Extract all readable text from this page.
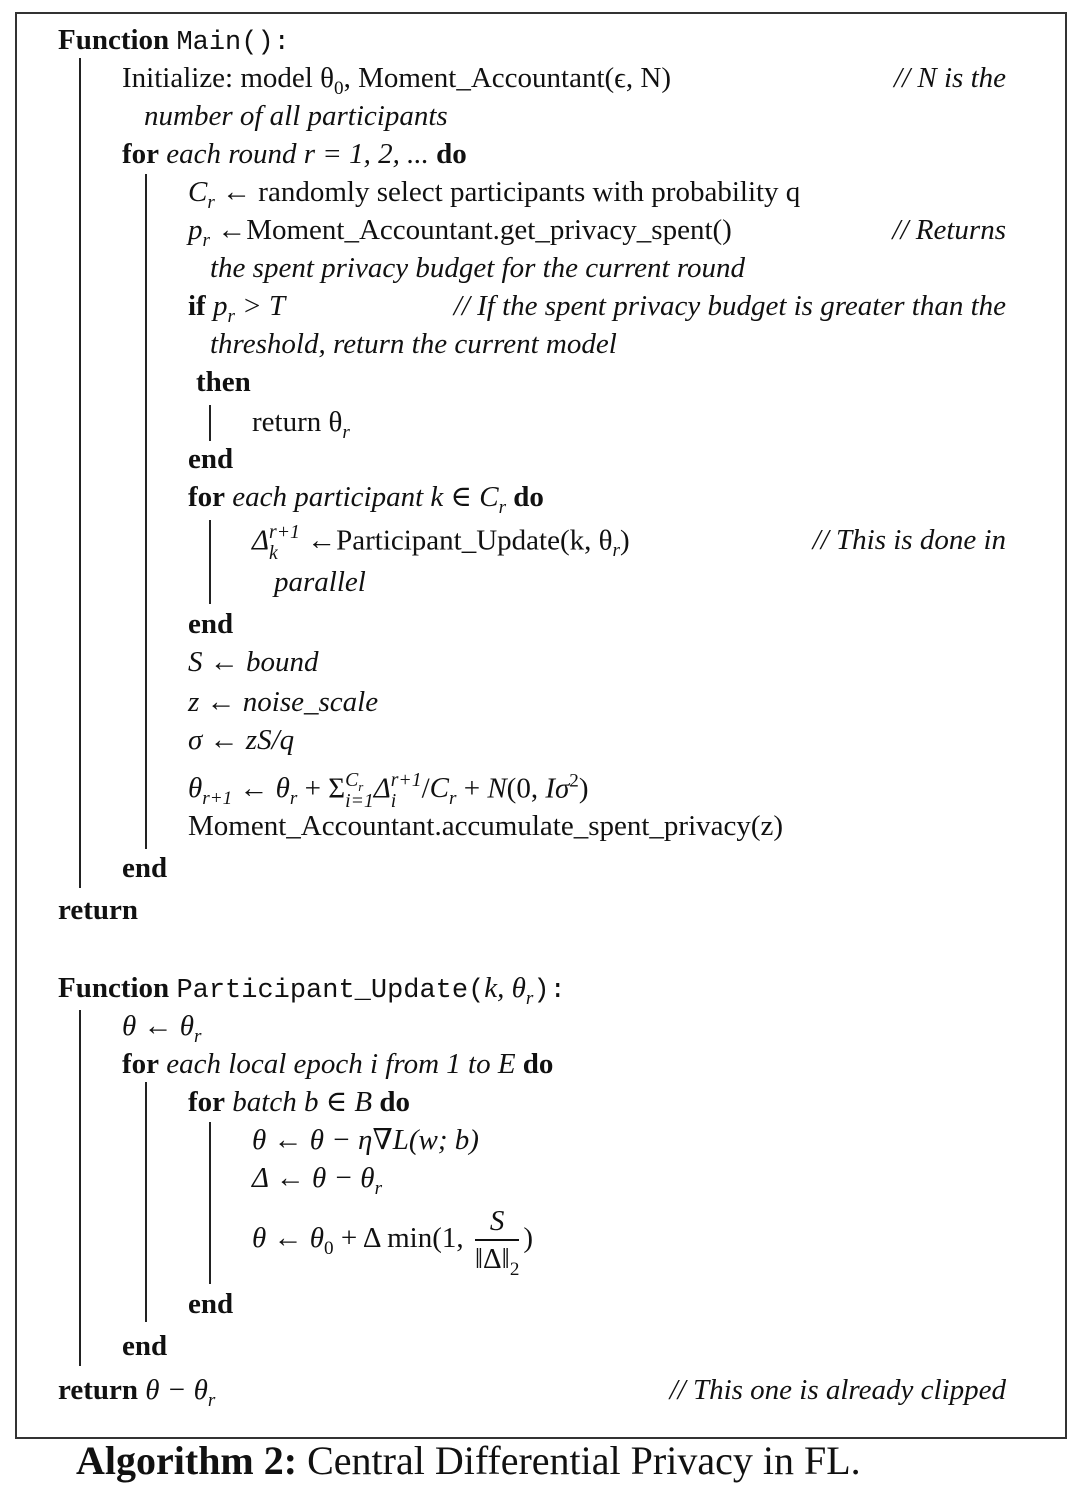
Function Main():
Initialize: model $\theta_0$, Moment_Accountant(ϵ, N)	// N is the
number of all participants
for each round r = 1, 2, ... do
$C_r$ ← randomly select participants with probability q
$p_r$ ←Moment_Accountant.get_privacy_spent()	// Returns
the spent privacy budget for the current round
if $p_r > T$	// If the spent privacy budget is greater than the
threshold, return the current model
then
return $\theta_r$
end
for each participant k ∈ $C_r$ do
Δ r+1
k	←Participant_Update(k, $\theta_r$)	// This is done in
parallel
end
S ← bound
z ← noise_scale
σ ← zS/q
$\theta_{r+1}$ ← $\theta_r + \Sigma$ $C_r$
i=1 Δ r+1
i $/C_r + N(0$, $I\sigma^2$)
Moment_Accountant.accumulate_spent_privacy(z)
end
return
Function Participant_Update(k, $\theta_r$):
θ ← $\theta_r$
for each local epoch i from 1 to E do
for batch b ∈ B do
θ ← θ − η∇L(w; b)
Δ ← $\theta - \theta_r$
θ ← $\theta_0 + \Delta$ min(1, $\frac{S}{‖\Delta‖_2}$ )
end
end
return $\theta - \theta_r$	// This one is already clipped
Algorithm 2: Central Differential Privacy in FL.
